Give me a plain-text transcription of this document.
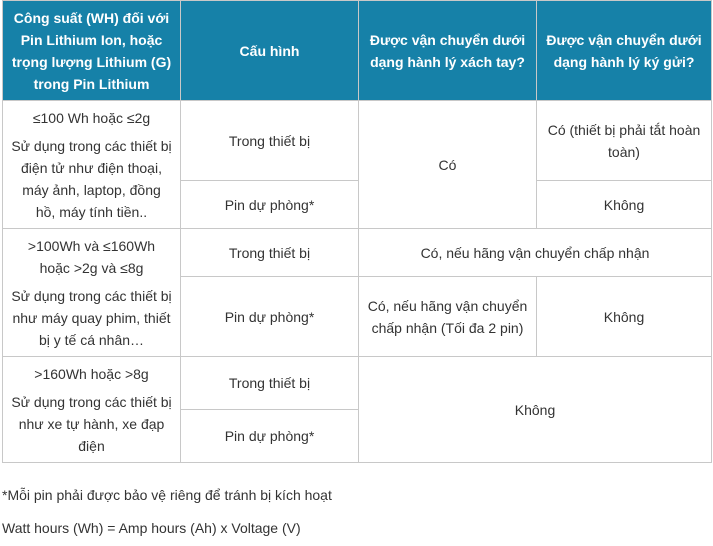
Công suất (WH) đối với Pin Lithium Ion, hoặc trọng lượng Lithium (G) trong Pin Lithium	Cấu hình	Được vận chuyển dưới dạng hành lý xách tay?	Được vận chuyển dưới dạng hành lý ký gửi?

≤100 Wh hoặc ≤2g
Sử dụng trong các thiết bị điện tử như điện thoại, máy ảnh, laptop, đồng hồ, máy tính tiền..	Trong thiết bị	Có	Có (thiết bị phải tắt hoàn toàn)
	Pin dự phòng*		Không

>100Wh và ≤160Wh hoặc >2g và ≤8g
Sử dụng trong các thiết bị như máy quay phim, thiết bị y tế cá nhân…	Trong thiết bị	Có, nếu hãng vận chuyển chấp nhận	
	Pin dự phòng*	Có, nếu hãng vận chuyển chấp nhận (Tối đa 2 pin)	Không

>160Wh hoặc >8g
Sử dụng trong các thiết bị như xe tự hành, xe đạp điện	Trong thiết bị	Không	
	Pin dự phòng*		
*Mỗi pin phải được bảo vệ riêng để tránh bị kích hoạt
Watt hours (Wh) = Amp hours (Ah) x Voltage (V)
